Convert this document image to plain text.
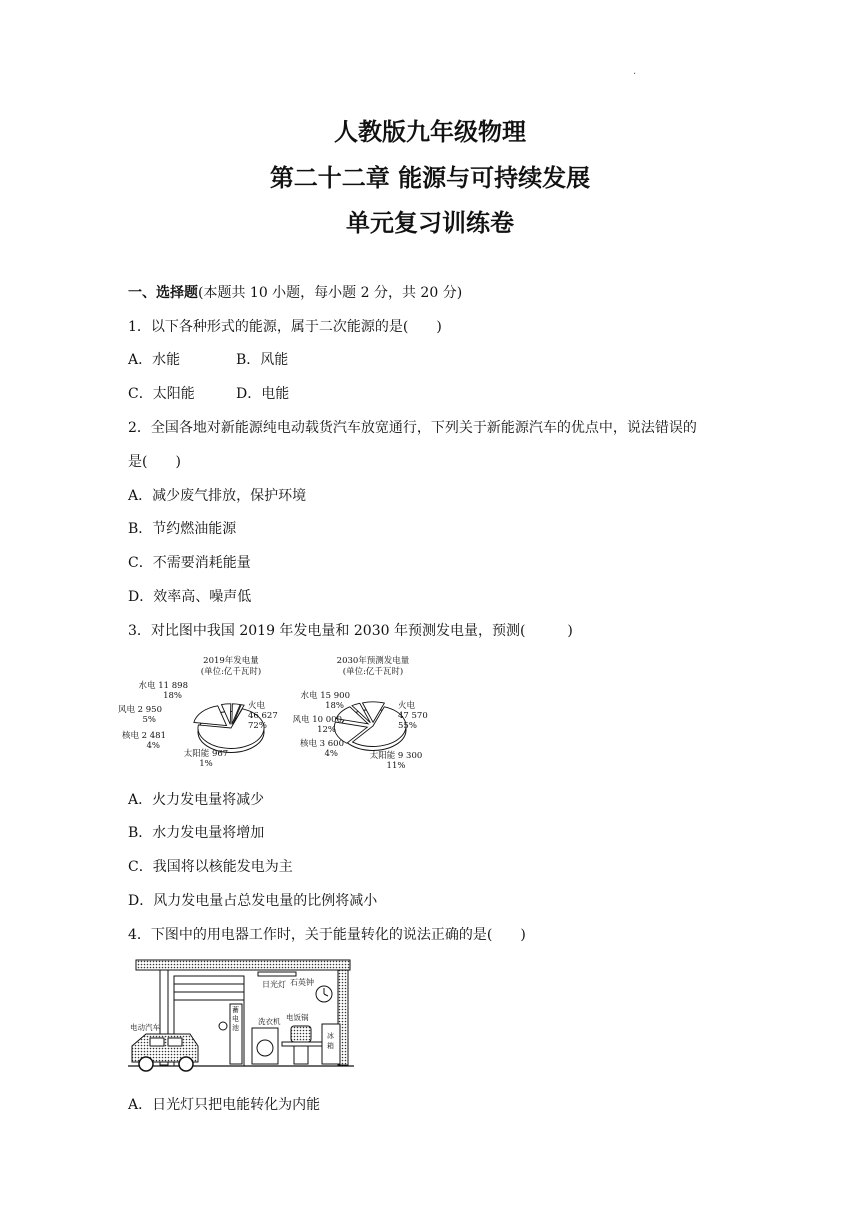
.
人教版九年级物理
第二十二章 能源与可持续发展
单元复习训练卷
一、选择题(本题共 10 小题，每小题 2 分，共 20 分)
1．以下各种形式的能源，属于二次能源的是(　　)
A．水能	B．风能
C．太阳能	D．电能
2．全国各地对新能源纯电动载货汽车放宽通行，下列关于新能源汽车的优点中，说法错误的
是(　　)
A．减少废气排放，保护环境
B．节约燃油能源
C．不需要消耗能量
D．效率高、噪声低
3．对比图中我国 2019 年发电量和 2030 年预测发电量，预测(　　　)
2019年发电量
(单位:亿千瓦时)
火电
46 627
72%
水电 11 898
18%
风电 2 950
5%
核电 2 481
4%
太阳能 967
1%
2030年预测发电量
(单位:亿千瓦时)
火电
47 570
55%
水电 15 900
18%
风电 10 000
12%
核电 3 600
4%	太阳能 9 300
11%
A．火力发电量将减少
B．水力发电量将增加
C．我国将以核能发电为主
D．风力发电量占总发电量的比例将减小
4．下图中的用电器工作时，关于能量转化的说法正确的是(　　)
日光灯 石英钟
蓄电池
洗衣机 电饭锅
冰箱
电动汽车
A．日光灯只把电能转化为内能
